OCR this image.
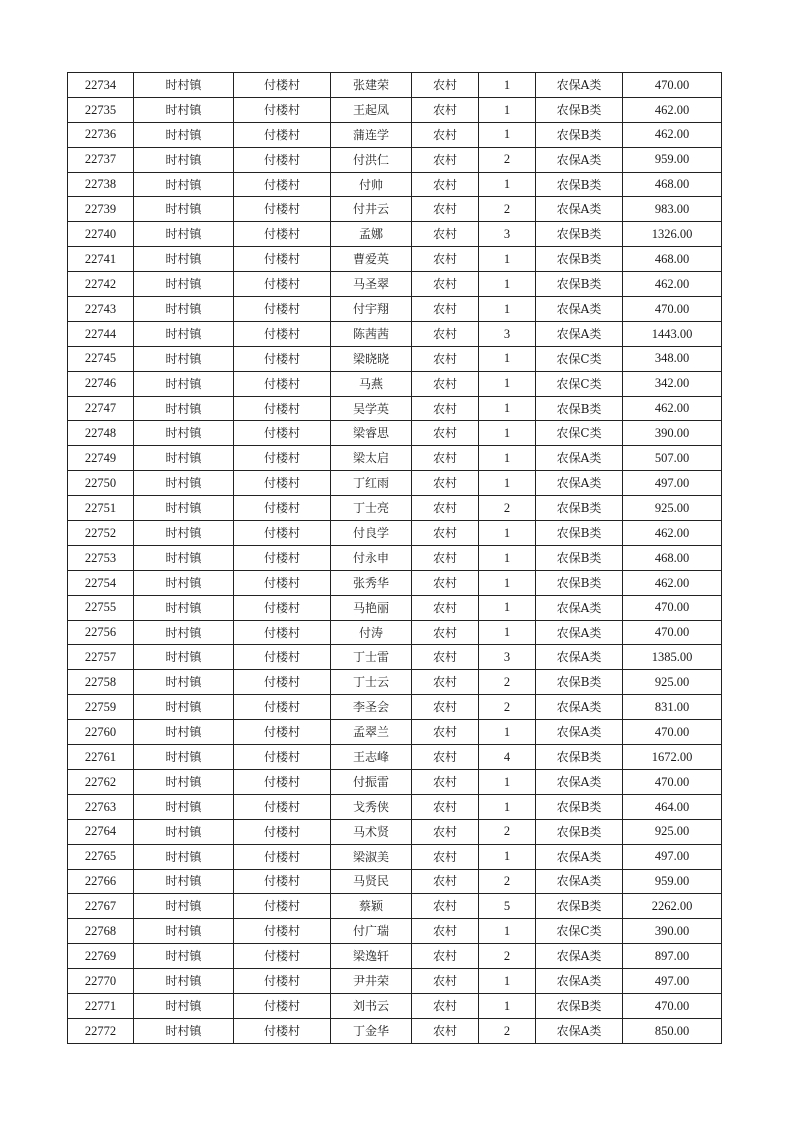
22734	时村镇	付楼村	张建荣	农村	1	农保A类	470.00
22735	时村镇	付楼村	王起凤	农村	1	农保B类	462.00
22736	时村镇	付楼村	蒲连学	农村	1	农保B类	462.00
22737	时村镇	付楼村	付洪仁	农村	2	农保A类	959.00
22738	时村镇	付楼村	付帅	农村	1	农保B类	468.00
22739	时村镇	付楼村	付井云	农村	2	农保A类	983.00
22740	时村镇	付楼村	孟娜	农村	3	农保B类	1326.00
22741	时村镇	付楼村	曹爱英	农村	1	农保B类	468.00
22742	时村镇	付楼村	马圣翠	农村	1	农保B类	462.00
22743	时村镇	付楼村	付宇翔	农村	1	农保A类	470.00
22744	时村镇	付楼村	陈茜茜	农村	3	农保A类	1443.00
22745	时村镇	付楼村	梁晓晓	农村	1	农保C类	348.00
22746	时村镇	付楼村	马燕	农村	1	农保C类	342.00
22747	时村镇	付楼村	吴学英	农村	1	农保B类	462.00
22748	时村镇	付楼村	梁睿思	农村	1	农保C类	390.00
22749	时村镇	付楼村	梁太启	农村	1	农保A类	507.00
22750	时村镇	付楼村	丁红雨	农村	1	农保A类	497.00
22751	时村镇	付楼村	丁士亮	农村	2	农保B类	925.00
22752	时村镇	付楼村	付良学	农村	1	农保B类	462.00
22753	时村镇	付楼村	付永申	农村	1	农保B类	468.00
22754	时村镇	付楼村	张秀华	农村	1	农保B类	462.00
22755	时村镇	付楼村	马艳丽	农村	1	农保A类	470.00
22756	时村镇	付楼村	付涛	农村	1	农保A类	470.00
22757	时村镇	付楼村	丁士雷	农村	3	农保A类	1385.00
22758	时村镇	付楼村	丁士云	农村	2	农保B类	925.00
22759	时村镇	付楼村	李圣会	农村	2	农保A类	831.00
22760	时村镇	付楼村	孟翠兰	农村	1	农保A类	470.00
22761	时村镇	付楼村	王志峰	农村	4	农保B类	1672.00
22762	时村镇	付楼村	付振雷	农村	1	农保A类	470.00
22763	时村镇	付楼村	戈秀侠	农村	1	农保B类	464.00
22764	时村镇	付楼村	马术贤	农村	2	农保B类	925.00
22765	时村镇	付楼村	梁淑美	农村	1	农保A类	497.00
22766	时村镇	付楼村	马贤民	农村	2	农保A类	959.00
22767	时村镇	付楼村	蔡颖	农村	5	农保B类	2262.00
22768	时村镇	付楼村	付广瑞	农村	1	农保C类	390.00
22769	时村镇	付楼村	梁逸轩	农村	2	农保A类	897.00
22770	时村镇	付楼村	尹井荣	农村	1	农保A类	497.00
22771	时村镇	付楼村	刘书云	农村	1	农保B类	470.00
22772	时村镇	付楼村	丁金华	农村	2	农保A类	850.00
